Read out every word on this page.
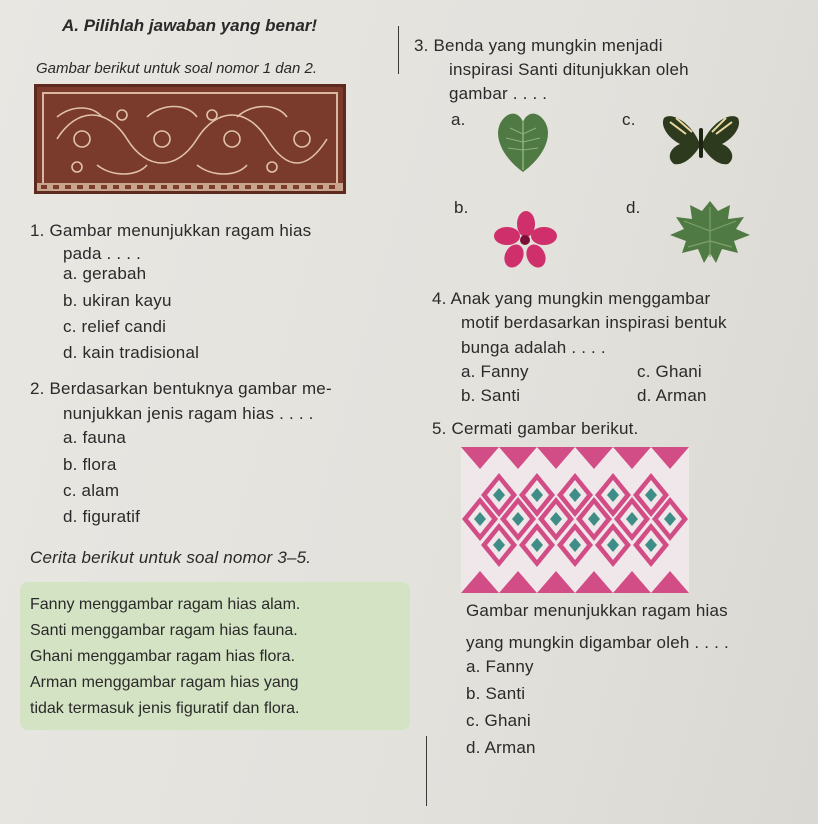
A. Pilihlah jawaban yang benar!
Gambar berikut untuk soal nomor 1 dan 2.
1. Gambar menunjukkan ragam hias
pada . . . .
a. gerabah
b. ukiran kayu
c. relief candi
d. kain tradisional
2. Berdasarkan bentuknya gambar me-
nunjukkan jenis ragam hias . . . .
a. fauna
b. flora
c. alam
d. figuratif
Cerita berikut untuk soal nomor 3–5.
Fanny menggambar ragam hias alam.
Santi menggambar ragam hias fauna.
Ghani menggambar ragam hias flora.
Arman menggambar ragam hias yang
tidak termasuk jenis figuratif dan flora.
3. Benda yang mungkin menjadi
inspirasi Santi ditunjukkan oleh
gambar . . . .
a.	c.
b.	d.
4. Anak yang mungkin menggambar
motif berdasarkan inspirasi bentuk
bunga adalah . . . .
a. Fanny	c. Ghani
b. Santi	d. Arman
5. Cermati gambar berikut.
Gambar menunjukkan ragam hias
yang mungkin digambar oleh . . . .
a. Fanny
b. Santi
c. Ghani
d. Arman
